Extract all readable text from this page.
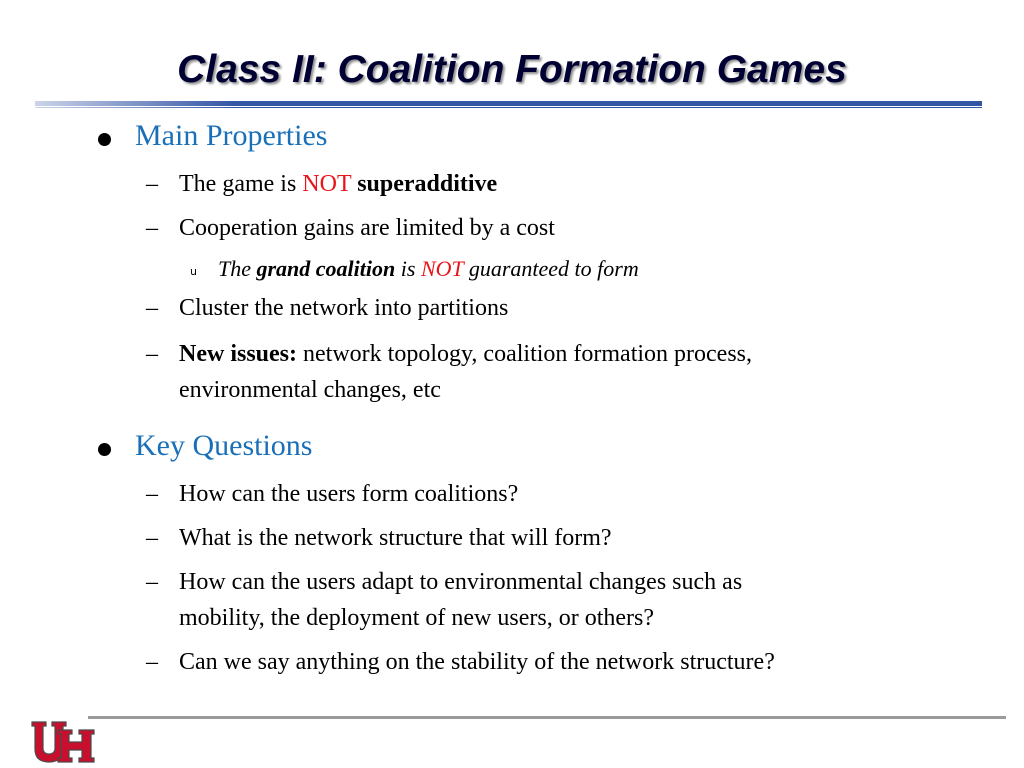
Class II: Coalition Formation Games
Main Properties
– The game is NOT superadditive
– Cooperation gains are limited by a cost
u The grand coalition is NOT guaranteed to form
– Cluster the network into partitions
– New issues: network topology, coalition formation process,
environmental changes, etc
Key Questions
– How can the users form coalitions?
– What is the network structure that will form?
– How can the users adapt to environmental changes such as
mobility, the deployment of new users, or others?
– Can we say anything on the stability of the network structure?
